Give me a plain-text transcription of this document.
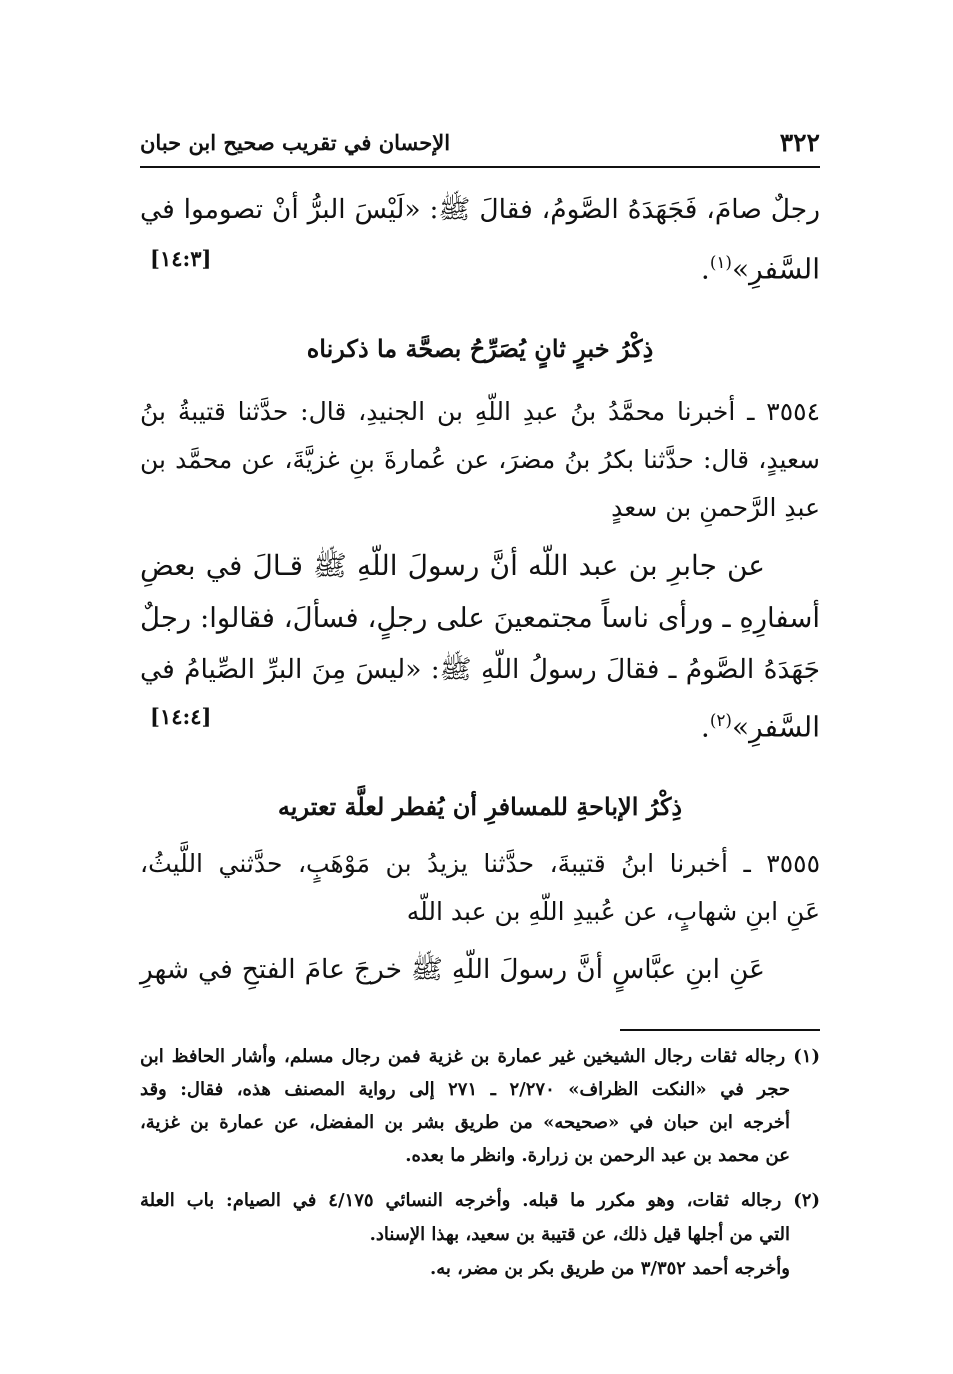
٣٢٢
الإحسان في تقريب صحيح ابن حبان
رجلٌ صامَ، فَجَهَدَهُ الصَّومُ، فقالَ ﷺ: «لَيْسَ البرُّ أنْ تصوموا في
السَّفرِ»$^{(١)}$.
[١٤:٣]
ذِكْرُ خبرٍ ثانٍ يُصَرِّحُ بصحَّة ما ذكرناه
٣٥٥٤ ـ أخبرنا محمَّدُ بنُ عبدِ اللّهِ بن الجنيدِ، قال: حدَّثنا قتيبةُ بنُ
سعيدٍ، قال: حدَّثنا بكرُ بنُ مضرَ، عن عُمارةَ بنِ غزيَّةَ، عن محمَّد بن
عبدِ الرَّحمنِ بن سعدٍ
عن جابرِ بن عبد اللّه أنَّ رسولَ اللّهِ ﷺ قـالَ في بعضِ
أسفارِهِ ـ ورأى ناساً مجتمعينَ على رجلٍ، فسألَ، فقالوا: رجلٌ
جَهَدَهُ الصَّومُ ـ فقالَ رسولُ اللّهِ ﷺ: «ليسَ مِنَ البرِّ الصِّيامُ في
السَّفرِ»$^{(٢)}$.
[١٤:٤]
ذِكْرُ الإباحةِ للمسافرِ أن يُفطر لعلَّة تعتريه
٣٥٥٥ ـ أخبرنا ابنُ قتيبةَ، حدَّثنا يزيدُ بن مَوْهَبٍ، حدَّثني اللَّيثُ،
عَنِ ابنِ شهابٍ، عن عُبيدِ اللّهِ بن عبد اللّه
عَنِ ابنِ عبَّاسٍ أنَّ رسولَ اللّهِ ﷺ خرجَ عامَ الفتحِ في شهرِ
(١) رجاله ثقات رجال الشيخين غير عمارة بن غزية فمن رجال مسلم، وأشار الحافظ ابن
حجر في «النكت الظراف» ٢/٢٧٠ ـ ٢٧١ إلى رواية المصنف هذه، فقال: وقد
أخرجه ابن حبان في «صحيحه» من طريق بشر بن المفضل، عن عمارة بن غزية،
عن محمد بن عبد الرحمن بن زرارة. وانظر ما بعده.
(٢) رجاله ثقات، وهو مكرر ما قبله. وأخرجه النسائي ٤/١٧٥ في الصيام: باب العلة
التي من أجلها قيل ذلك، عن قتيبة بن سعيد، بهذا الإسناد.
وأخرجه أحمد ٣/٣٥٢ من طريق بكر بن مضر، به.
